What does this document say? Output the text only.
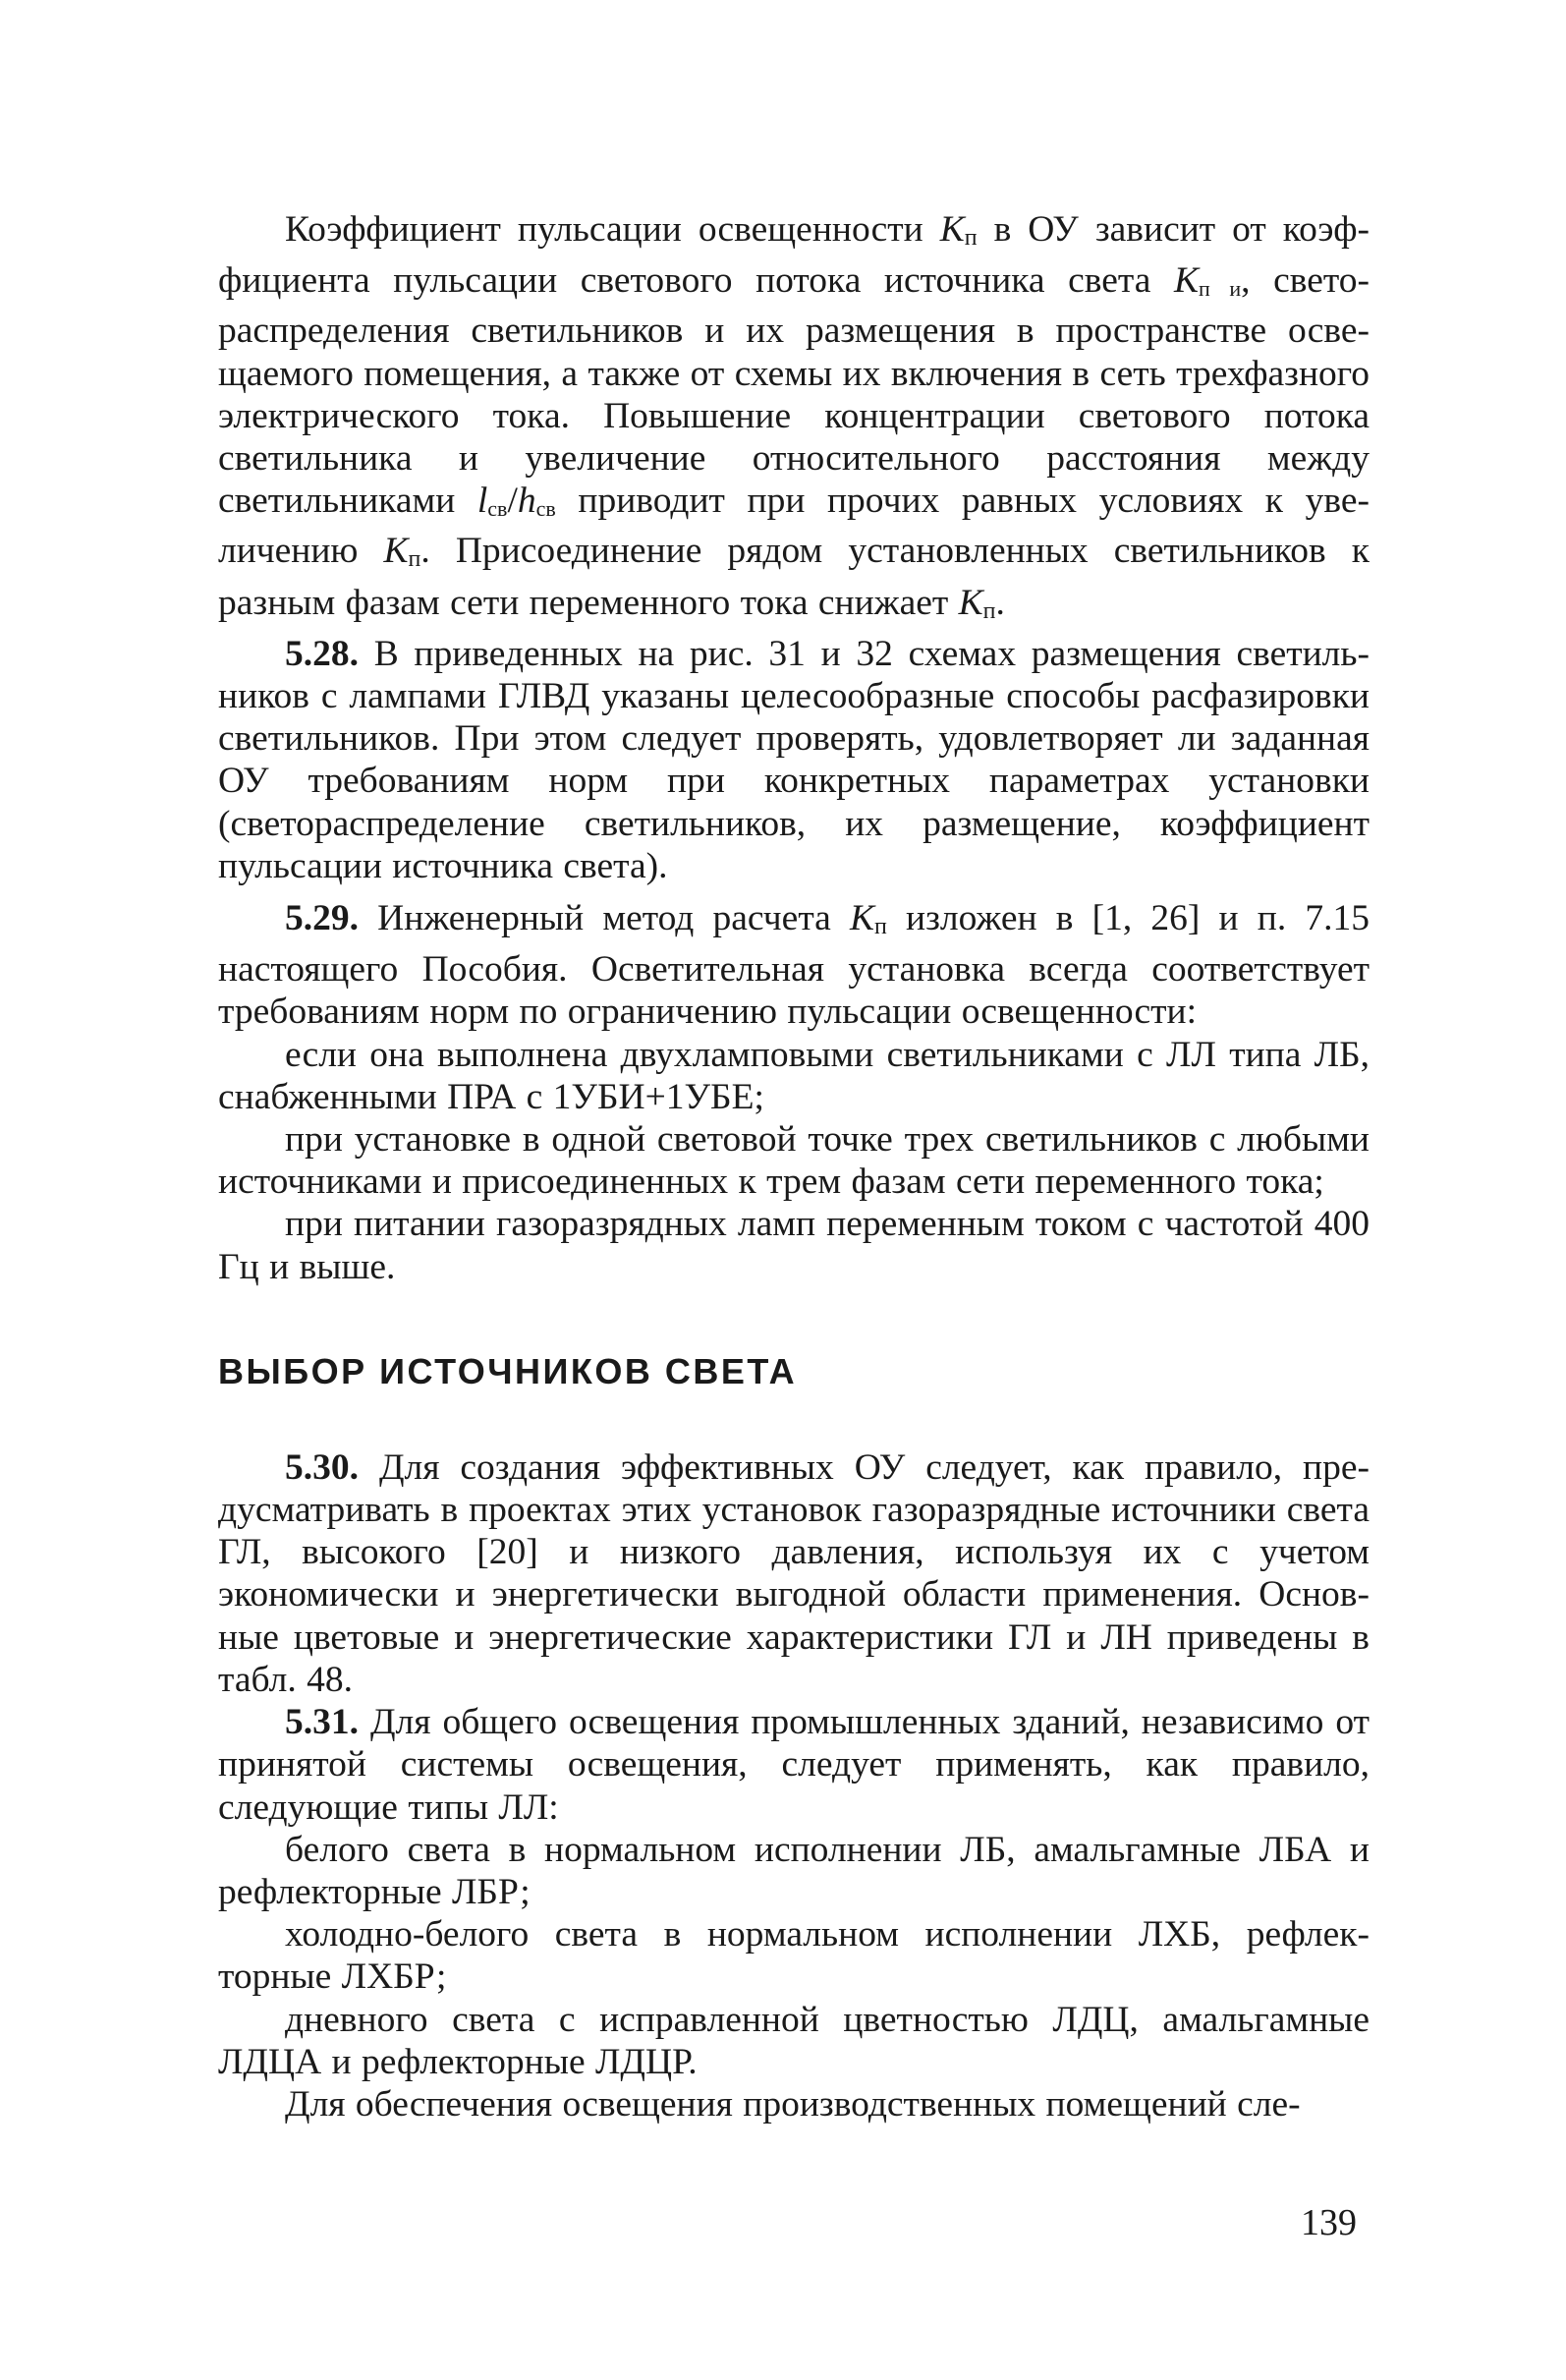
Коэффициент пульсации освещенности Kп в ОУ зависит от коэффициента пульсации светового потока источника света Kп и, светораспределения светильников и их размещения в пространстве освещаемого помещения, а также от схемы их включения в сеть трехфазного электрического тока. Повышение концентрации светового потока светильника и увеличение относительного расстояния между светильниками lсв/hсв приводит при прочих равных условиях к увеличению Kп. Присоединение рядом установленных светильников к разным фазам сети переменного тока снижает Kп.

5.28. В приведенных на рис. 31 и 32 схемах размещения светильников с лампами ГЛВД указаны целесообразные способы расфазировки светильников. При этом следует проверять, удовлетворяет ли заданная ОУ требованиям норм при конкретных параметрах установки (светораспределение светильников, их размещение, коэффициент пульсации источника света).

5.29. Инженерный метод расчета Kп изложен в [1, 26] и п. 7.15 настоящего Пособия. Осветительная установка всегда соответствует требованиям норм по ограничению пульсации освещенности:

если она выполнена двухламповыми светильниками с ЛЛ типа ЛБ, снабженными ПРА с 1УБИ+1УБЕ;

при установке в одной световой точке трех светильников с любыми источниками и присоединенных к трем фазам сети переменного тока;

при питании газоразрядных ламп переменным током с частотой 400 Гц и выше.

ВЫБОР ИСТОЧНИКОВ СВЕТА

5.30. Для создания эффективных ОУ следует, как правило, предусматривать в проектах этих установок газоразрядные источники света ГЛ, высокого [20] и низкого давления, используя их с учетом экономически и энергетически выгодной области применения. Основные цветовые и энергетические характеристики ГЛ и ЛН приведены в табл. 48.

5.31. Для общего освещения промышленных зданий, независимо от принятой системы освещения, следует применять, как правило, следующие типы ЛЛ:

белого света в нормальном исполнении ЛБ, амальгамные ЛБА и рефлекторные ЛБР;

холодно-белого света в нормальном исполнении ЛХБ, рефлекторные ЛХБР;

дневного света с исправленной цветностью ЛДЦ, амальгамные ЛДЦА и рефлекторные ЛДЦР.

Для обеспечения освещения производственных помещений сле-

139
